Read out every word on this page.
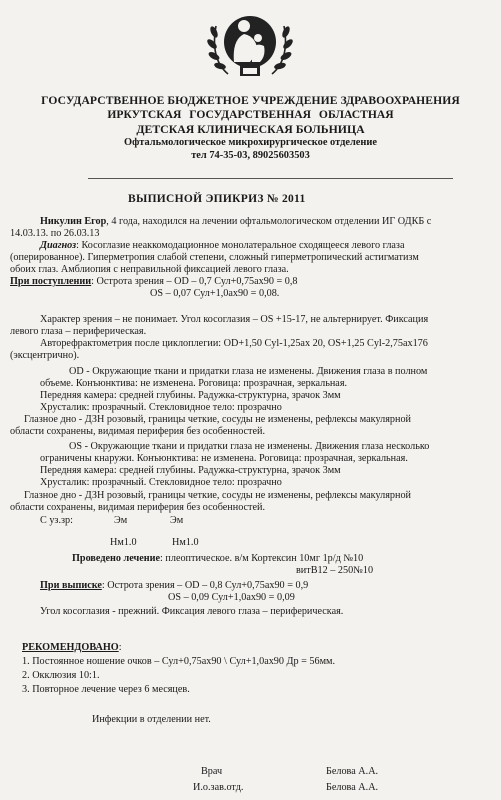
ГОСУДАРСТВЕННОЕ БЮДЖЕТНОЕ УЧРЕЖДЕНИЕ ЗДРАВООХРАНЕНИЯ
ИРКУТСКАЯ ГОСУДАРСТВЕННАЯ ОБЛАСТНАЯ
ДЕТСКАЯ КЛИНИЧЕСКАЯ БОЛЬНИЦА
Офтальмологическое микрохирургическое отделение
тел 74-35-03, 89025603503
ВЫПИСНОЙ ЭПИКРИЗ № 2011
Никулин Егор, 4 года, находился на лечении офтальмологическом отделении ИГ ОДКБ с
14.03.13. по 26.03.13
Диагноз: Косоглазие неаккомодационное монолатеральное сходящееся левого глаза
(оперированное). Гиперметропия слабой степени, сложный гиперметропический астигматизм
обоих глаз. Амблиопия с неправильной фиксацией левого глаза.
При поступлении: Острота зрения – OD – 0,7 Сул+0,75ах90 = 0,8
OS – 0,07 Сул+1,0ах90 = 0,08.
Характер зрения – не понимает. Угол косоглазия – OS +15-17, не альтернирует. Фиксация
левого глаза – периферическая.
Авторефрактометрия после циклоплегии: OD+1,50 Cyl-1,25ах 20, OS+1,25 Cyl-2,75ах176
(эксцентрично).
OD - Окружающие ткани и придатки глаза не изменены. Движения глаза в полном
объеме. Конъюнктива: не изменена. Роговица: прозрачная, зеркальная.
Передняя камера: средней глубины. Радужка-структурна, зрачок 3мм
Хрусталик: прозрачный. Стекловидное тело: прозрачно
Глазное дно - ДЗН розовый, границы четкие, сосуды не изменены, рефлексы макулярной
области сохранены, видимая периферия без особенностей.
OS - Окружающие ткани и придатки глаза не изменены. Движения глаза несколько
ограничены кнаружи. Конъюнктива: не изменена. Роговица: прозрачная, зеркальная.
Передняя камера: средней глубины. Радужка-структурна, зрачок 3мм
Хрусталик: прозрачный. Стекловидное тело: прозрачно
Глазное дно - ДЗН розовый, границы четкие, сосуды не изменены, рефлексы макулярной
области сохранены, видимая периферия без особенностей.
С уз.зр:	Эм	Эм
Нм1.0	Нм1.0
Проведено лечение: плеоптическое. в/м Кортексин 10мг 1р/д №10
витВ12 – 250№10
При выписке: Острота зрения – OD – 0,8 Сул+0,75ах90 = 0,9
OS – 0,09 Сул+1,0ах90 = 0,09
Угол косоглазия - прежний. Фиксация левого глаза – периферическая.
РЕКОМЕНДОВАНО:
1. Постоянное ношение очков – Сул+0,75ах90 \ Сул+1,0ах90 Др = 56мм.
2. Окклюзия 10:1.
3. Повторное лечение через 6 месяцев.
Инфекции в отделении нет.
Врач	Белова А.А.
И.о.зав.отд.	Белова А.А.
